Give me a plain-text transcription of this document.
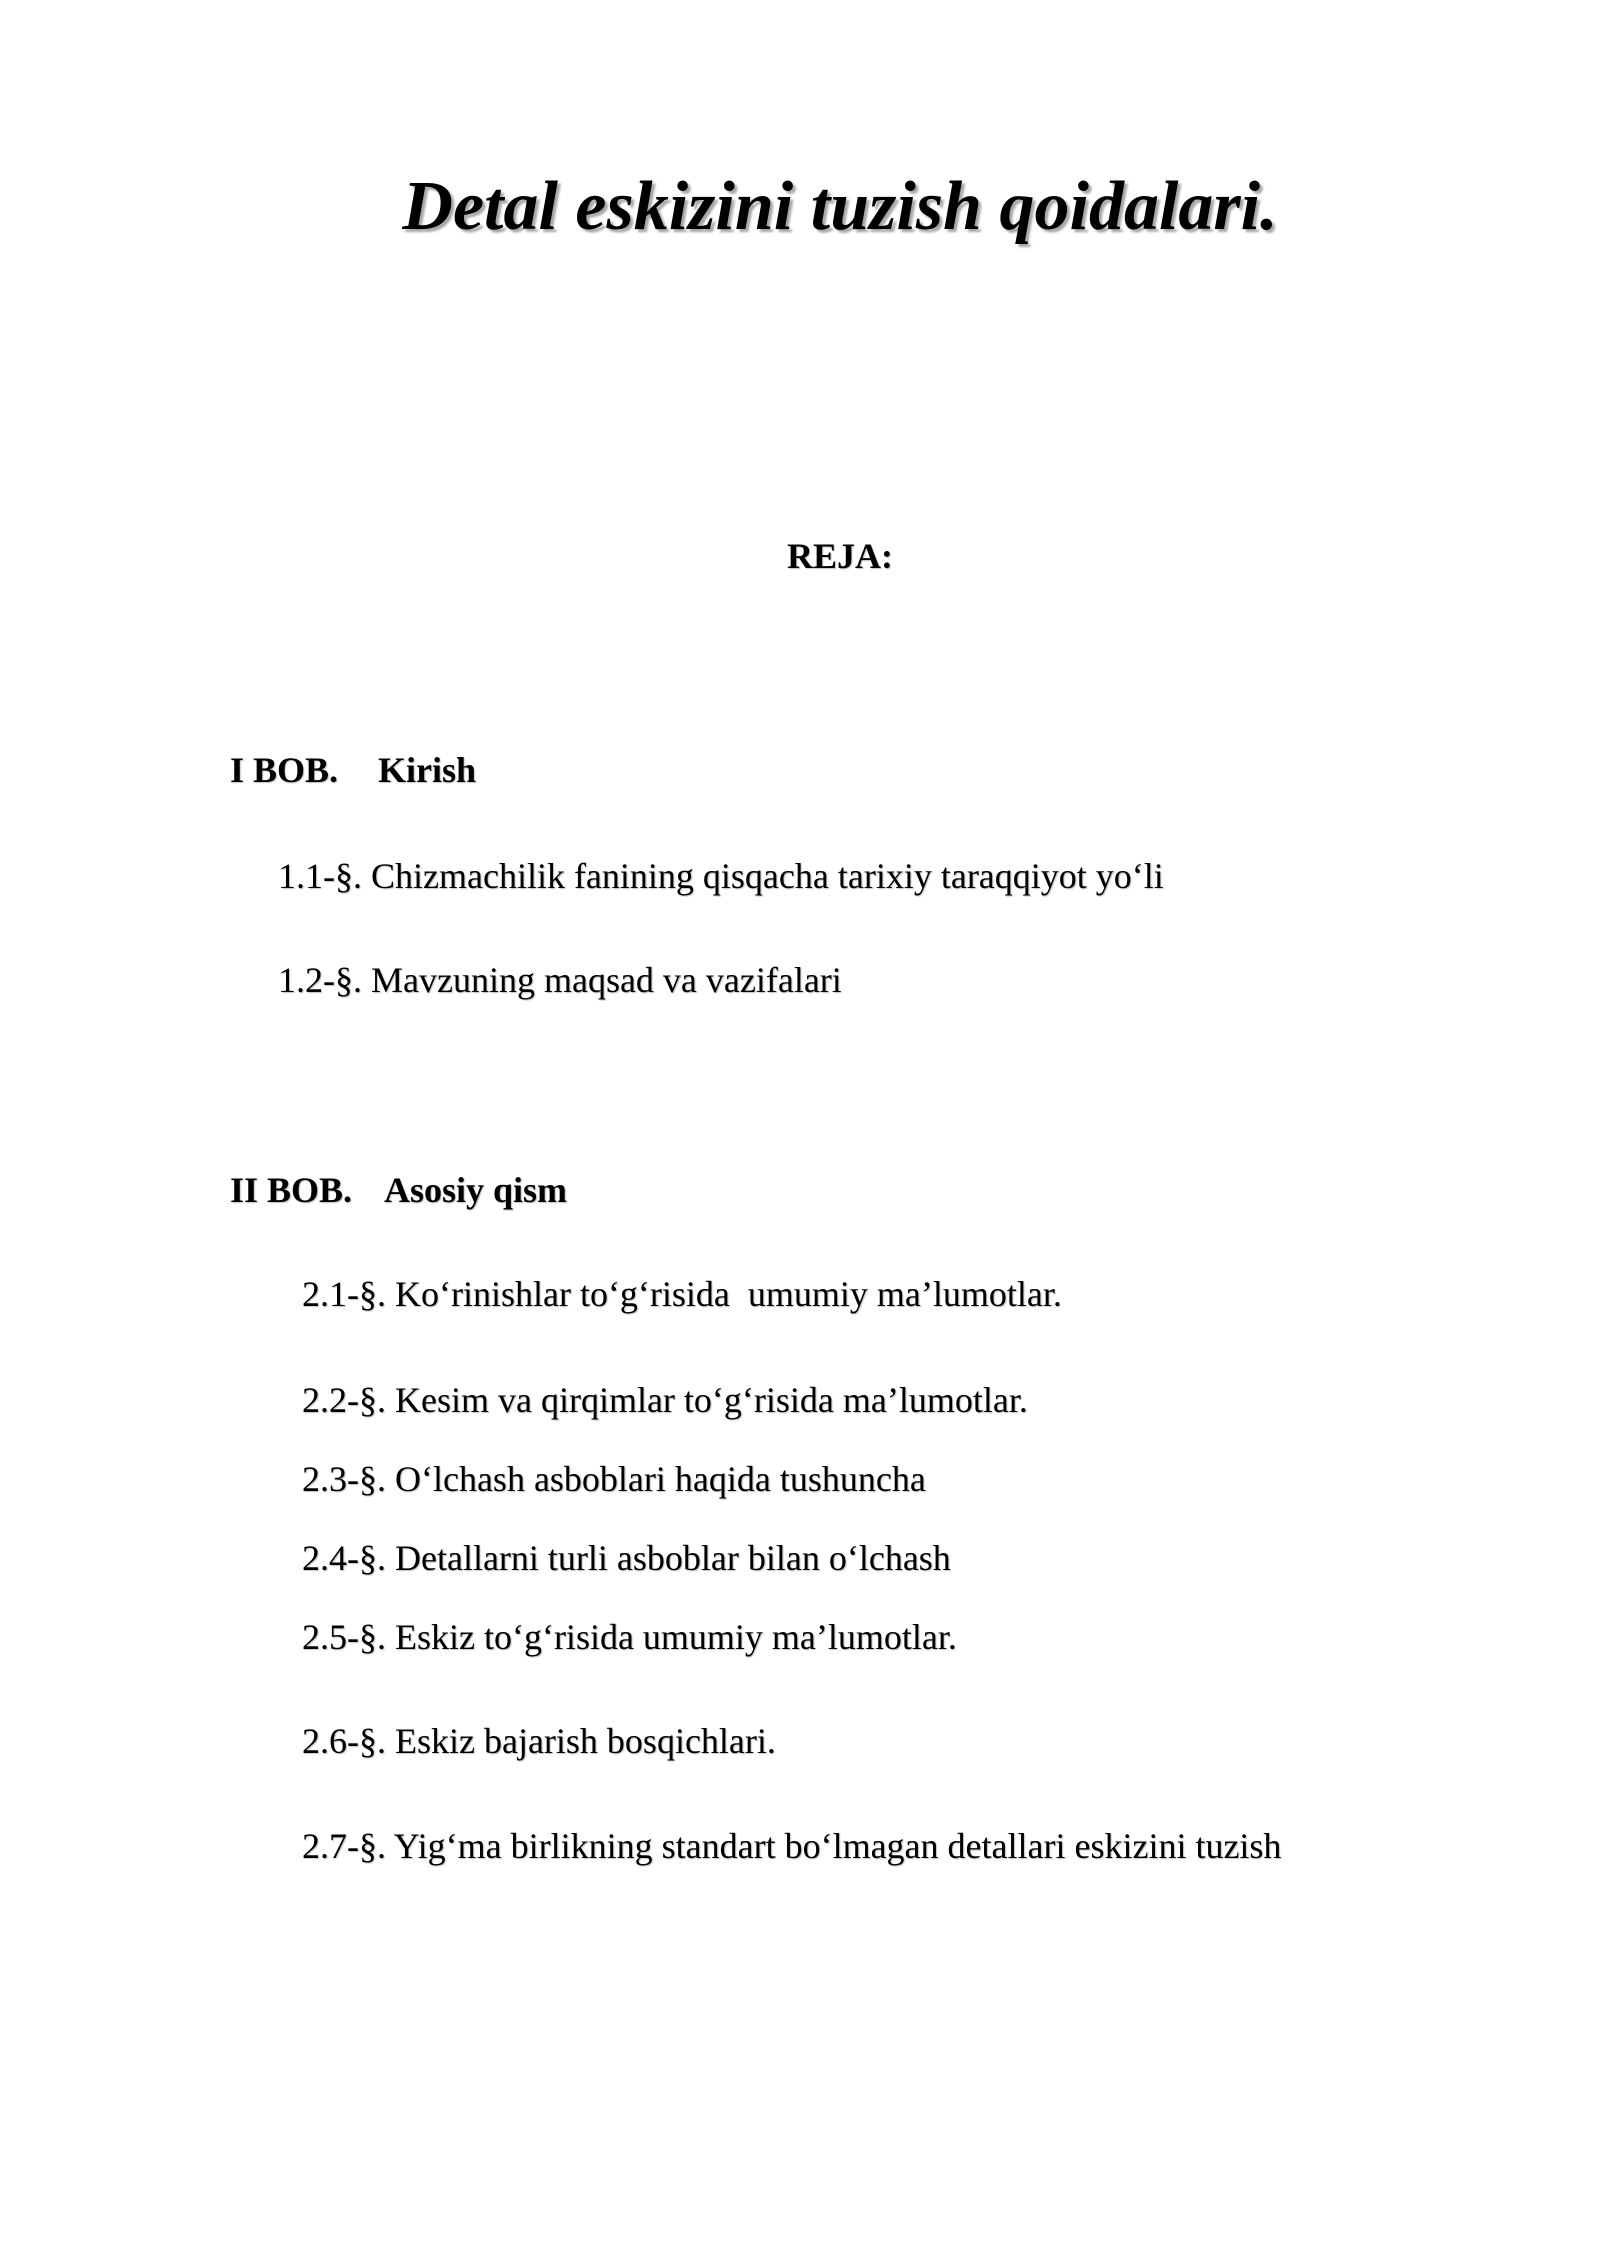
Detal eskizini tuzish qoidalari.
REJA:
I BOB. Kirish
1.1-§. Chizmachilik fanining qisqacha tarixiy taraqqiyot yo‘li
1.2-§. Mavzuning maqsad va vazifalari
II BOB. Asosiy qism
2.1-§. Ko‘rinishlar to‘g‘risida  umumiy ma’lumotlar.
2.2-§. Kesim va qirqimlar to‘g‘risida ma’lumotlar.
2.3-§. O‘lchash asboblari haqida tushuncha
2.4-§. Detallarni turli asboblar bilan o‘lchash
2.5-§. Eskiz to‘g‘risida umumiy ma’lumotlar.
2.6-§. Eskiz bajarish bosqichlari.
2.7-§. Yig‘ma birlikning standart bo‘lmagan detallari eskizini tuzish
